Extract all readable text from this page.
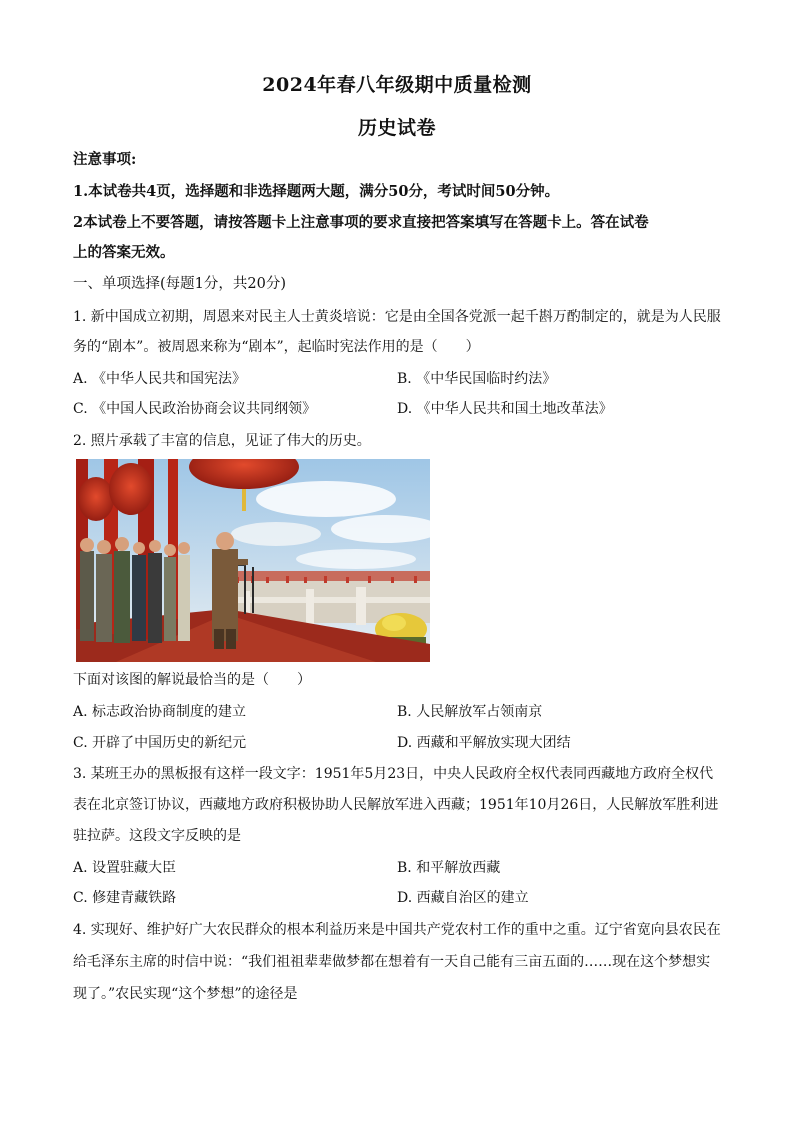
2024年春八年级期中质量检测
历史试卷
注意事项:
1.本试卷共4页，选择题和非选择题两大题，满分50分，考试时间50分钟。
2本试卷上不要答题，请按答题卡上注意事项的要求直接把答案填写在答题卡上。答在试卷
上的答案无效。
一、单项选择(每题1分，共20分)
1. 新中国成立初期，周恩来对民主人士黄炎培说：它是由全国各党派一起千斟万酌制定的，就是为人民服
务的“剧本”。被周恩来称为“剧本”，起临时宪法作用的是（　　）
A. 《中华人民共和国宪法》	B. 《中华民国临时约法》
C. 《中国人民政治协商会议共同纲领》	D. 《中华人民共和国土地改革法》
2. 照片承载了丰富的信息，见证了伟大的历史。
下面对该图的解说最恰当的是（　　）
A. 标志政治协商制度的建立	B. 人民解放军占领南京
C. 开辟了中国历史的新纪元	D. 西藏和平解放实现大团结
3. 某班王办的黑板报有这样一段文字：1951年5月23日，中央人民政府全权代表同西藏地方政府全权代
表在北京签订协议，西藏地方政府积极协助人民解放军进入西藏；1951年10月26日，人民解放军胜利进
驻拉萨。这段文字反映的是
A. 设置驻藏大臣	B. 和平解放西藏
C. 修建青藏铁路	D. 西藏自治区的建立
4. 实现好、维护好广大农民群众的根本利益历来是中国共产党农村工作的重中之重。辽宁省宽向县农民在
给毛泽东主席的时信中说：“我们祖祖辈辈做梦都在想着有一天自己能有三亩五面的……现在这个梦想实
现了。”农民实现“这个梦想”的途径是
